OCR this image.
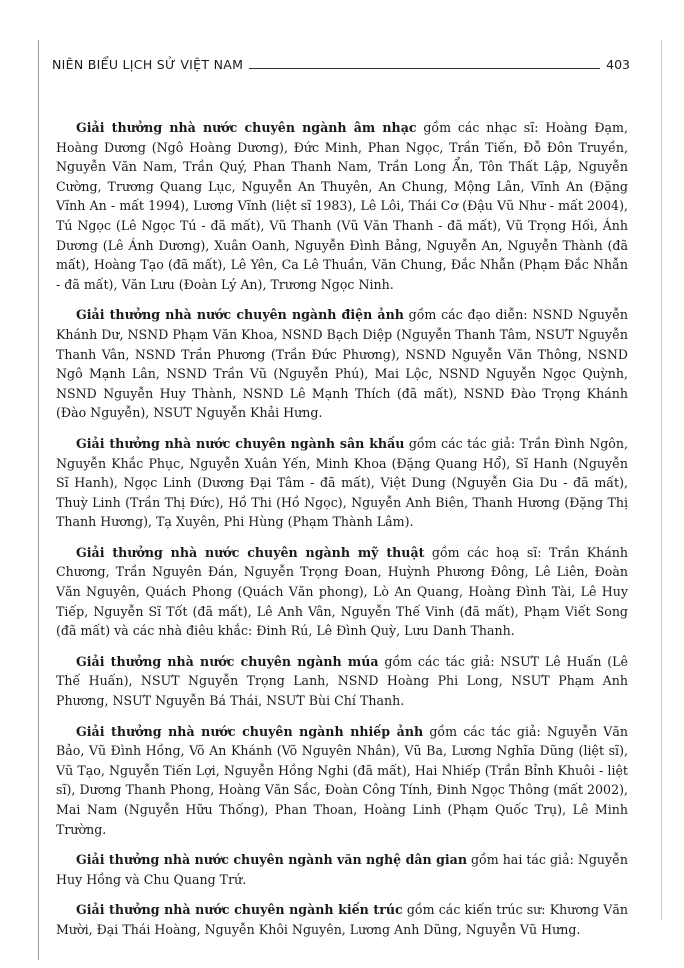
NIÊN BIỂU LỊCH SỬ VIỆT NAM	403

Giải thưởng nhà nước chuyên ngành âm nhạc gồm các nhạc sĩ: Hoàng Đạm, Hoàng Dương (Ngô Hoàng Dương), Đức Minh, Phan Ngọc, Trần Tiến, Đỗ Đôn Truyền, Nguyễn Văn Nam, Trần Quý, Phan Thanh Nam, Trần Long Ẩn, Tôn Thất Lập, Nguyễn Cường, Trương Quang Lục, Nguyễn An Thuyên, An Chung, Mộng Lân, Vĩnh An (Đặng Vĩnh An - mất 1994), Lương Vĩnh (liệt sĩ 1983), Lê Lôi, Thái Cơ (Đậu Vũ Như - mất 2004), Tú Ngọc (Lê Ngọc Tú - đã mất), Vũ Thanh (Vũ Văn Thanh - đã mất), Vũ Trọng Hối, Ánh Dương (Lê Ánh Dương), Xuân Oanh, Nguyễn Đình Bảng, Nguyễn An, Nguyễn Thành (đã mất), Hoàng Tạo (đã mất), Lê Yên, Ca Lê Thuần, Văn Chung, Đắc Nhẫn (Phạm Đắc Nhẫn - đã mất), Văn Lưu (Đoàn Lý An), Trương Ngọc Ninh.

Giải thưởng nhà nước chuyên ngành điện ảnh gồm các đạo diễn: NSND Nguyễn Khánh Dư, NSND Phạm Văn Khoa, NSND Bạch Diệp (Nguyễn Thanh Tâm, NSƯT Nguyễn Thanh Vân, NSND Trần Phương (Trần Đức Phương), NSND Nguyễn Văn Thông, NSND Ngô Mạnh Lân, NSND Trần Vũ (Nguyễn Phú), Mai Lộc, NSND Nguyễn Ngọc Quỳnh, NSND Nguyễn Huy Thành, NSND Lê Mạnh Thích (đã mất), NSND Đào Trọng Khánh (Đào Nguyễn), NSƯT Nguyễn Khải Hưng.

Giải thưởng nhà nước chuyên ngành sân khấu gồm các tác giả: Trần Đình Ngôn, Nguyễn Khắc Phục, Nguyễn Xuân Yến, Minh Khoa (Đặng Quang Hổ), Sĩ Hanh (Nguyễn Sĩ Hanh), Ngọc Linh (Dương Đại Tâm - đã mất), Việt Dung (Nguyễn Gia Du - đã mất), Thuỳ Linh (Trần Thị Đức), Hồ Thi (Hồ Ngọc), Nguyễn Anh Biên, Thanh Hương (Đặng Thị Thanh Hương), Tạ Xuyên, Phi Hùng (Phạm Thành Lâm).

Giải thưởng nhà nước chuyên ngành mỹ thuật gồm các hoạ sĩ: Trần Khánh Chương, Trần Nguyên Đán, Nguyễn Trọng Đoan, Huỳnh Phương Đông, Lê Liên, Đoàn Văn Nguyên, Quách Phong (Quách Văn phong), Lò An Quang, Hoàng Đình Tài, Lê Huy Tiếp, Nguyễn Sĩ Tốt (đã mất), Lê Anh Vân, Nguyễn Thế Vinh (đã mất), Phạm Viết Song (đã mất) và các nhà điêu khắc: Đinh Rú, Lê Đình Quỳ, Lưu Danh Thanh.

Giải thưởng nhà nước chuyên ngành múa gồm các tác giả: NSƯT Lê Huấn (Lê Thế Huấn), NSƯT Nguyễn Trọng Lanh, NSND Hoàng Phi Long, NSƯT Phạm Anh Phương, NSƯT Nguyễn Bá Thái, NSƯT Bùi Chí Thanh.

Giải thưởng nhà nước chuyên ngành nhiếp ảnh gồm các tác giả: Nguyễn Văn Bảo, Vũ Đình Hồng, Võ An Khánh (Võ Nguyên Nhân), Vũ Ba, Lương Nghĩa Dũng (liệt sĩ), Vũ Tạo, Nguyễn Tiến Lợi, Nguyễn Hồng Nghi (đã mất), Hai Nhiếp (Trần Bỉnh Khuôi - liệt sĩ), Dương Thanh Phong, Hoàng Văn Sắc, Đoàn Công Tính, Đinh Ngọc Thông (mất 2002), Mai Nam (Nguyễn Hữu Thống), Phan Thoan, Hoàng Linh (Phạm Quốc Trụ), Lê Minh Trường.

Giải thưởng nhà nước chuyên ngành văn nghệ dân gian gồm hai tác giả: Nguyễn Huy Hồng và Chu Quang Trứ.

Giải thưởng nhà nước chuyên ngành kiến trúc gồm các kiến trúc sư: Khương Văn Mười, Đại Thái Hoàng, Nguyễn Khôi Nguyên, Lương Anh Dũng, Nguyễn Vũ Hưng.
